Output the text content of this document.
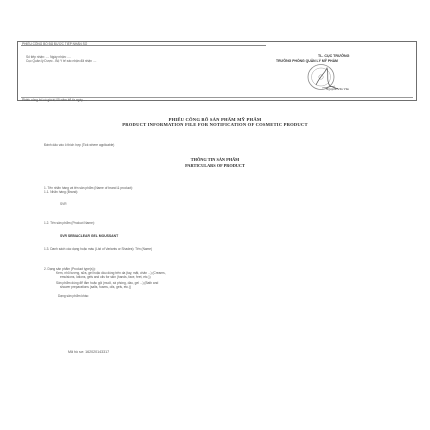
PHIẾU CÔNG BỐ ĐÃ ĐƯỢC TIẾP NHẬN SỐ
Số tiếp nhận: .... Ngày nhận: ....
Cục Quản lý Dược - Bộ Y tế xác nhận đã nhận ....
TL. CỤC TRƯỞNG
TRƯỞNG PHÒNG QUẢN LÝ MỸ PHẨM
Nguyễn Văn Vân
Phiếu công bố có giá trị 05 năm kể từ ngày ....
PHIẾU CÔNG BỐ SẢN PHẨM MỸ PHẨM
PRODUCT INFORMATION FILE FOR NOTIFICATION OF COSMETIC PRODUCT
Đánh dấu vào ô thích hợp (Tick where applicable)
THÔNG TIN SẢN PHẨM
PARTICULARS OF PRODUCT
1. Tên nhãn hàng và tên sản phẩm (Name of brand & product):
1.1. Nhãn hàng (Brand):
SVR
1.2. Tên sản phẩm (Product Name):
SVR SEBIACLEAR GEL MOUSSANT
1.3. Danh sách các dạng hoặc màu (List of Variants or Shades): Tên (Name)
2. Dạng sản phẩm (Product type(s)):
Kem, nhũ tương, sữa, gel hoặc dầu dùng trên da (tay, mặt, chân ...) (Creams,
emulsions, lotions, gels and oils for skin (hands, face, feet, etc.))
Sản phẩm dùng để tắm hoặc gội (muối, xà phòng, dầu, gel ...) (Bath and
shower preparations (salts, foams, oils, gels, etc.))
Dạng sản phẩm khác:
Mã hồ sơ: 162020143317
